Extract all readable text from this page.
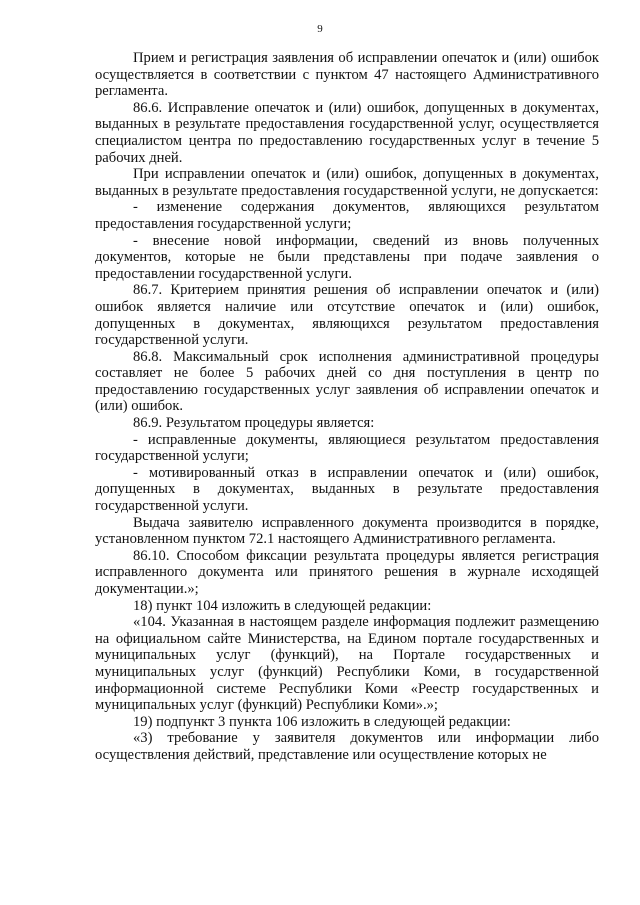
9

Прием и регистрация заявления об исправлении опечаток и (или) ошибок осуществляется в соответствии с пунктом 47 настоящего Административного регламента.

86.6. Исправление опечаток и (или) ошибок, допущенных в документах, выданных в результате предоставления государственной услуг, осуществляется специалистом центра по предоставлению государственных услуг в течение 5 рабочих дней.

При исправлении опечаток и (или) ошибок, допущенных в документах, выданных в результате предоставления государственной услуги, не допускается:

- изменение содержания документов, являющихся результатом предоставления государственной услуги;

- внесение новой информации, сведений из вновь полученных документов, которые не были представлены при подаче заявления о предоставлении государственной услуги.

86.7. Критерием принятия решения об исправлении опечаток и (или) ошибок является наличие или отсутствие опечаток и (или) ошибок, допущенных в документах, являющихся результатом предоставления государственной услуги.

86.8. Максимальный срок исполнения административной процедуры составляет не более 5 рабочих дней со дня поступления в центр по предоставлению государственных услуг заявления об исправлении опечаток и (или) ошибок.

86.9. Результатом процедуры является:

- исправленные документы, являющиеся результатом предоставления государственной услуги;

- мотивированный отказ в исправлении опечаток и (или) ошибок, допущенных в документах, выданных в результате предоставления государственной услуги.

Выдача заявителю исправленного документа производится в порядке, установленном пунктом 72.1 настоящего Административного регламента.

86.10. Способом фиксации результата процедуры является регистрация исправленного документа или принятого решения в журнале исходящей документации.»;

18) пункт 104 изложить в следующей редакции:

«104. Указанная в настоящем разделе информация подлежит размещению на официальном сайте Министерства, на Едином портале государственных и муниципальных услуг (функций), на Портале государственных и муниципальных услуг (функций) Республики Коми, в государственной информационной системе Республики Коми «Реестр государственных и муниципальных услуг (функций) Республики Коми».»;

19) подпункт 3 пункта 106 изложить в следующей редакции:

«3) требование у заявителя документов или информации либо осуществления действий, представление или осуществление которых не
